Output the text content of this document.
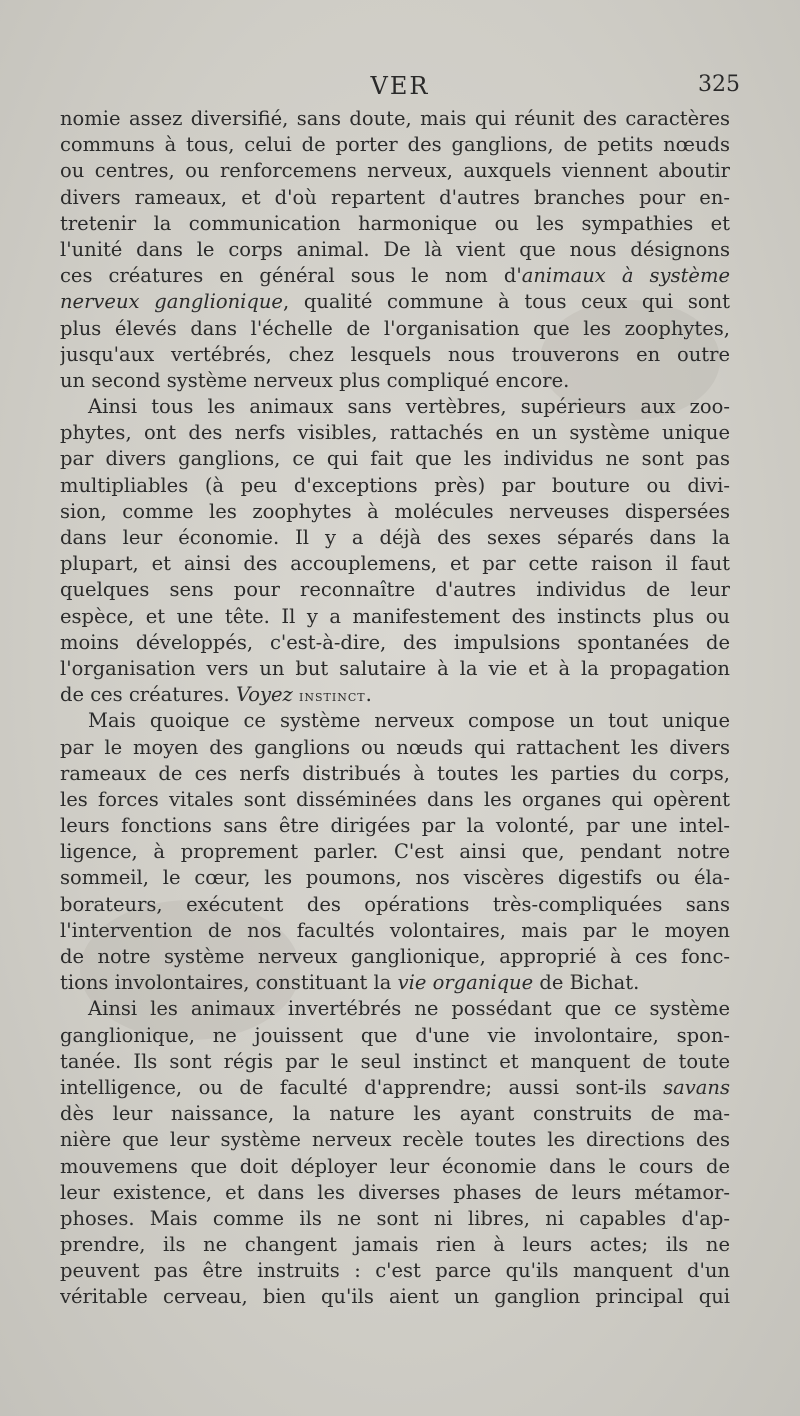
VER	325
nomie assez diversifié, sans doute, mais qui réunit des caractères
communs à tous, celui de porter des ganglions, de petits nœuds
ou centres, ou renforcemens nerveux, auxquels viennent aboutir
divers rameaux, et d'où repartent d'autres branches pour en-
tretenir la communication harmonique ou les sympathies et
l'unité dans le corps animal. De là vient que nous désignons
ces créatures en général sous le nom d'animaux à système
nerveux ganglionique, qualité commune à tous ceux qui sont
plus élevés dans l'échelle de l'organisation que les zoophytes,
jusqu'aux vertébrés, chez lesquels nous trouverons en outre
un second système nerveux plus compliqué encore.
Ainsi tous les animaux sans vertèbres, supérieurs aux zoo-
phytes, ont des nerfs visibles, rattachés en un système unique
par divers ganglions, ce qui fait que les individus ne sont pas
multipliables (à peu d'exceptions près) par bouture ou divi-
sion, comme les zoophytes à molécules nerveuses dispersées
dans leur économie. Il y a déjà des sexes séparés dans la
plupart, et ainsi des accouplemens, et par cette raison il faut
quelques sens pour reconnaître d'autres individus de leur
espèce, et une tête. Il y a manifestement des instincts plus ou
moins développés, c'est-à-dire, des impulsions spontanées de
l'organisation vers un but salutaire à la vie et à la propagation
de ces créatures. Voyez instinct.
Mais quoique ce système nerveux compose un tout unique
par le moyen des ganglions ou nœuds qui rattachent les divers
rameaux de ces nerfs distribués à toutes les parties du corps,
les forces vitales sont disséminées dans les organes qui opèrent
leurs fonctions sans être dirigées par la volonté, par une intel-
ligence, à proprement parler. C'est ainsi que, pendant notre
sommeil, le cœur, les poumons, nos viscères digestifs ou éla-
borateurs, exécutent des opérations très-compliquées sans
l'intervention de nos facultés volontaires, mais par le moyen
de notre système nerveux ganglionique, approprié à ces fonc-
tions involontaires, constituant la vie organique de Bichat.
Ainsi les animaux invertébrés ne possédant que ce système
ganglionique, ne jouissent que d'une vie involontaire, spon-
tanée. Ils sont régis par le seul instinct et manquent de toute
intelligence, ou de faculté d'apprendre; aussi sont-ils savans
dès leur naissance, la nature les ayant construits de ma-
nière que leur système nerveux recèle toutes les directions des
mouvemens que doit déployer leur économie dans le cours de
leur existence, et dans les diverses phases de leurs métamor-
phoses. Mais comme ils ne sont ni libres, ni capables d'ap-
prendre, ils ne changent jamais rien à leurs actes; ils ne
peuvent pas être instruits : c'est parce qu'ils manquent d'un
véritable cerveau, bien qu'ils aient un ganglion principal qui
